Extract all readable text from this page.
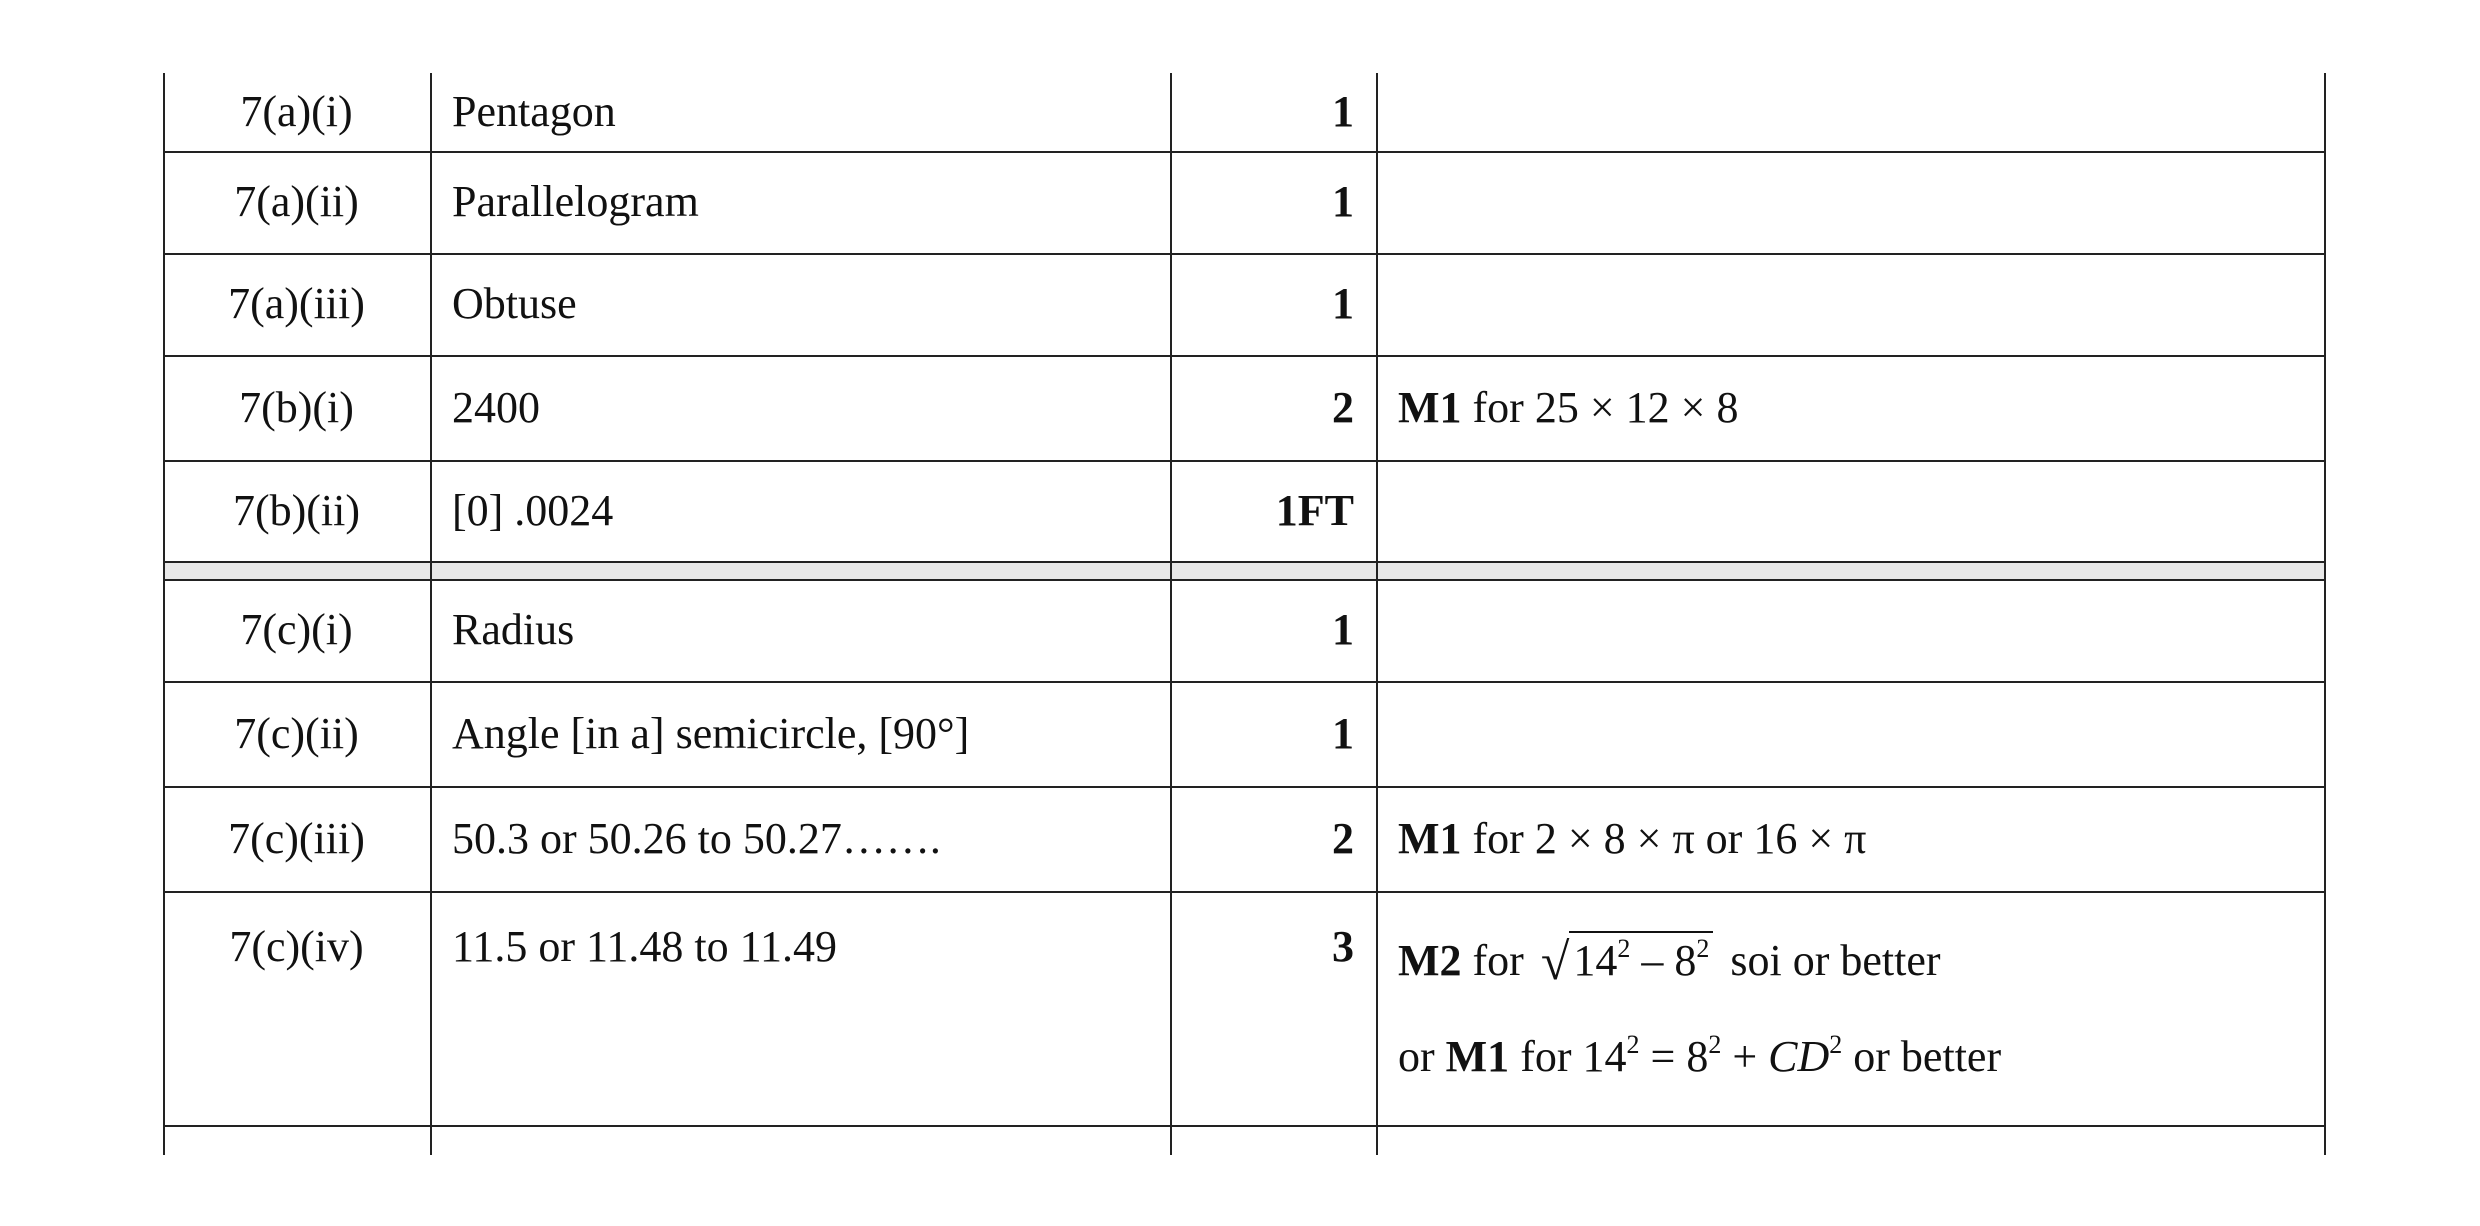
7(a)(i)	Pentagon	1
7(a)(ii)	Parallelogram	1
7(a)(iii)	Obtuse	1
7(b)(i)	2400	2	M1 for 25 × 12 × 8
7(b)(ii)	[0] .0024	1FT
7(c)(i)	Radius	1
7(c)(ii)	Angle [in a] semicircle, [90°]	1
7(c)(iii)	50.3 or 50.26 to 50.27…….	2	M1 for 2 × 8 × π or 16 × π
7(c)(iv)	11.5 or 11.48 to 11.49	3	M2 for $√14^2 - 8^2$ soi or better
or M1 for $14^2 = 8^2 + CD^2$ or better
